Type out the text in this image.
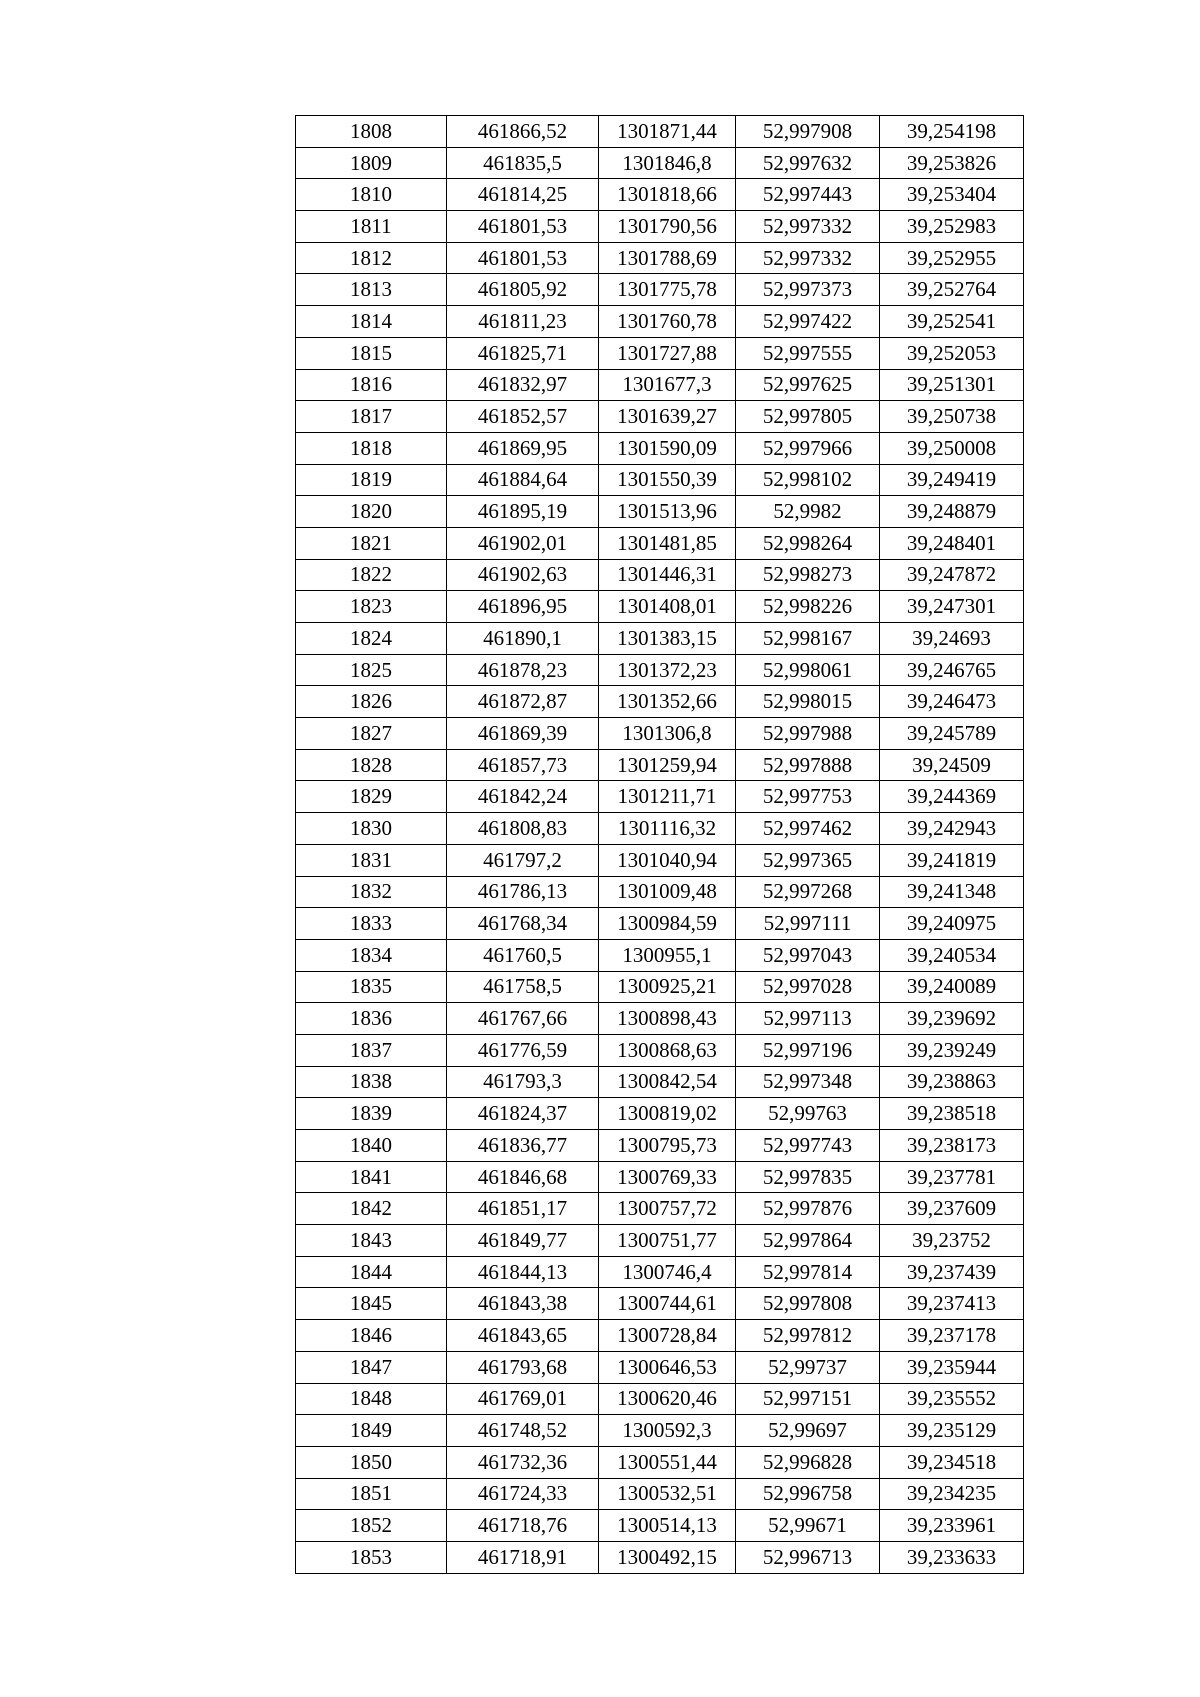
1808	461866,52	1301871,44	52,997908	39,254198
1809	461835,5	1301846,8	52,997632	39,253826
1810	461814,25	1301818,66	52,997443	39,253404
1811	461801,53	1301790,56	52,997332	39,252983
1812	461801,53	1301788,69	52,997332	39,252955
1813	461805,92	1301775,78	52,997373	39,252764
1814	461811,23	1301760,78	52,997422	39,252541
1815	461825,71	1301727,88	52,997555	39,252053
1816	461832,97	1301677,3	52,997625	39,251301
1817	461852,57	1301639,27	52,997805	39,250738
1818	461869,95	1301590,09	52,997966	39,250008
1819	461884,64	1301550,39	52,998102	39,249419
1820	461895,19	1301513,96	52,9982	39,248879
1821	461902,01	1301481,85	52,998264	39,248401
1822	461902,63	1301446,31	52,998273	39,247872
1823	461896,95	1301408,01	52,998226	39,247301
1824	461890,1	1301383,15	52,998167	39,24693
1825	461878,23	1301372,23	52,998061	39,246765
1826	461872,87	1301352,66	52,998015	39,246473
1827	461869,39	1301306,8	52,997988	39,245789
1828	461857,73	1301259,94	52,997888	39,24509
1829	461842,24	1301211,71	52,997753	39,244369
1830	461808,83	1301116,32	52,997462	39,242943
1831	461797,2	1301040,94	52,997365	39,241819
1832	461786,13	1301009,48	52,997268	39,241348
1833	461768,34	1300984,59	52,997111	39,240975
1834	461760,5	1300955,1	52,997043	39,240534
1835	461758,5	1300925,21	52,997028	39,240089
1836	461767,66	1300898,43	52,997113	39,239692
1837	461776,59	1300868,63	52,997196	39,239249
1838	461793,3	1300842,54	52,997348	39,238863
1839	461824,37	1300819,02	52,99763	39,238518
1840	461836,77	1300795,73	52,997743	39,238173
1841	461846,68	1300769,33	52,997835	39,237781
1842	461851,17	1300757,72	52,997876	39,237609
1843	461849,77	1300751,77	52,997864	39,23752
1844	461844,13	1300746,4	52,997814	39,237439
1845	461843,38	1300744,61	52,997808	39,237413
1846	461843,65	1300728,84	52,997812	39,237178
1847	461793,68	1300646,53	52,99737	39,235944
1848	461769,01	1300620,46	52,997151	39,235552
1849	461748,52	1300592,3	52,99697	39,235129
1850	461732,36	1300551,44	52,996828	39,234518
1851	461724,33	1300532,51	52,996758	39,234235
1852	461718,76	1300514,13	52,99671	39,233961
1853	461718,91	1300492,15	52,996713	39,233633
